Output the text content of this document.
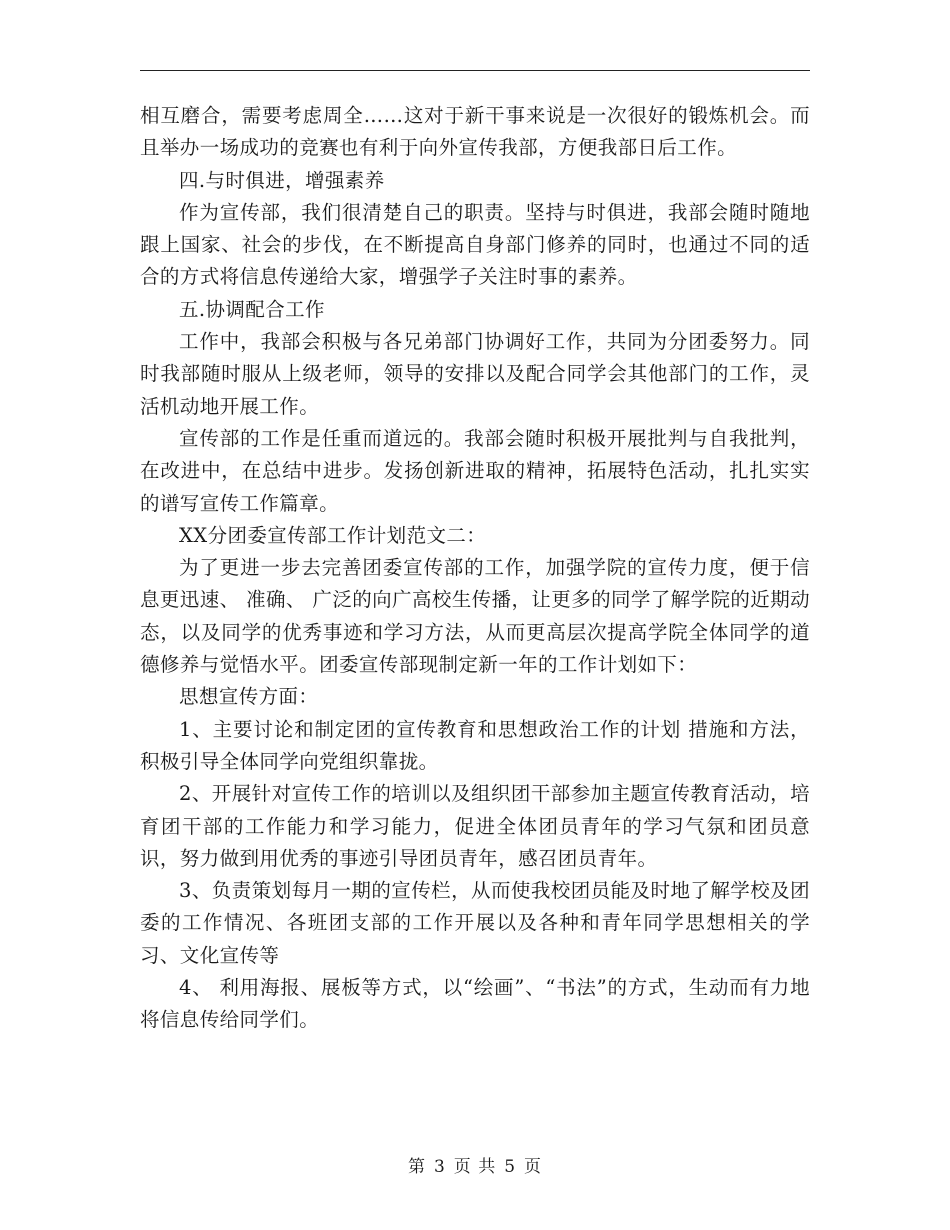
相互磨合，需要考虑周全……这对于新干事来说是一次很好的锻炼机会。而且举办一场成功的竞赛也有利于向外宣传我部，方便我部日后工作。

四.与时俱进，增强素养

作为宣传部，我们很清楚自己的职责。坚持与时俱进，我部会随时随地跟上国家、社会的步伐，在不断提高自身部门修养的同时，也通过不同的适合的方式将信息传递给大家，增强学子关注时事的素养。

五.协调配合工作

工作中，我部会积极与各兄弟部门协调好工作，共同为分团委努力。同时我部随时服从上级老师，领导的安排以及配合同学会其他部门的工作，灵活机动地开展工作。

宣传部的工作是任重而道远的。我部会随时积极开展批判与自我批判，在改进中，在总结中进步。发扬创新进取的精神，拓展特色活动，扎扎实实的谱写宣传工作篇章。

XX分团委宣传部工作计划范文二：

为了更进一步去完善团委宣传部的工作，加强学院的宣传力度，便于信息更迅速、 准确、 广泛的向广高校生传播，让更多的同学了解学院的近期动态，以及同学的优秀事迹和学习方法，从而更高层次提高学院全体同学的道德修养与觉悟水平。团委宣传部现制定新一年的工作计划如下：

思想宣传方面：

1、主要讨论和制定团的宣传教育和思想政治工作的计划 措施和方法，积极引导全体同学向党组织靠拢。

2、开展针对宣传工作的培训以及组织团干部参加主题宣传教育活动，培育团干部的工作能力和学习能力，促进全体团员青年的学习气氛和团员意识，努力做到用优秀的事迹引导团员青年，感召团员青年。

3、负责策划每月一期的宣传栏，从而使我校团员能及时地了解学校及团委的工作情况、各班团支部的工作开展以及各种和青年同学思想相关的学习、文化宣传等

4、 利用海报、展板等方式，以“绘画”、“书法”的方式，生动而有力地将信息传给同学们。

第 3 页 共 5 页
